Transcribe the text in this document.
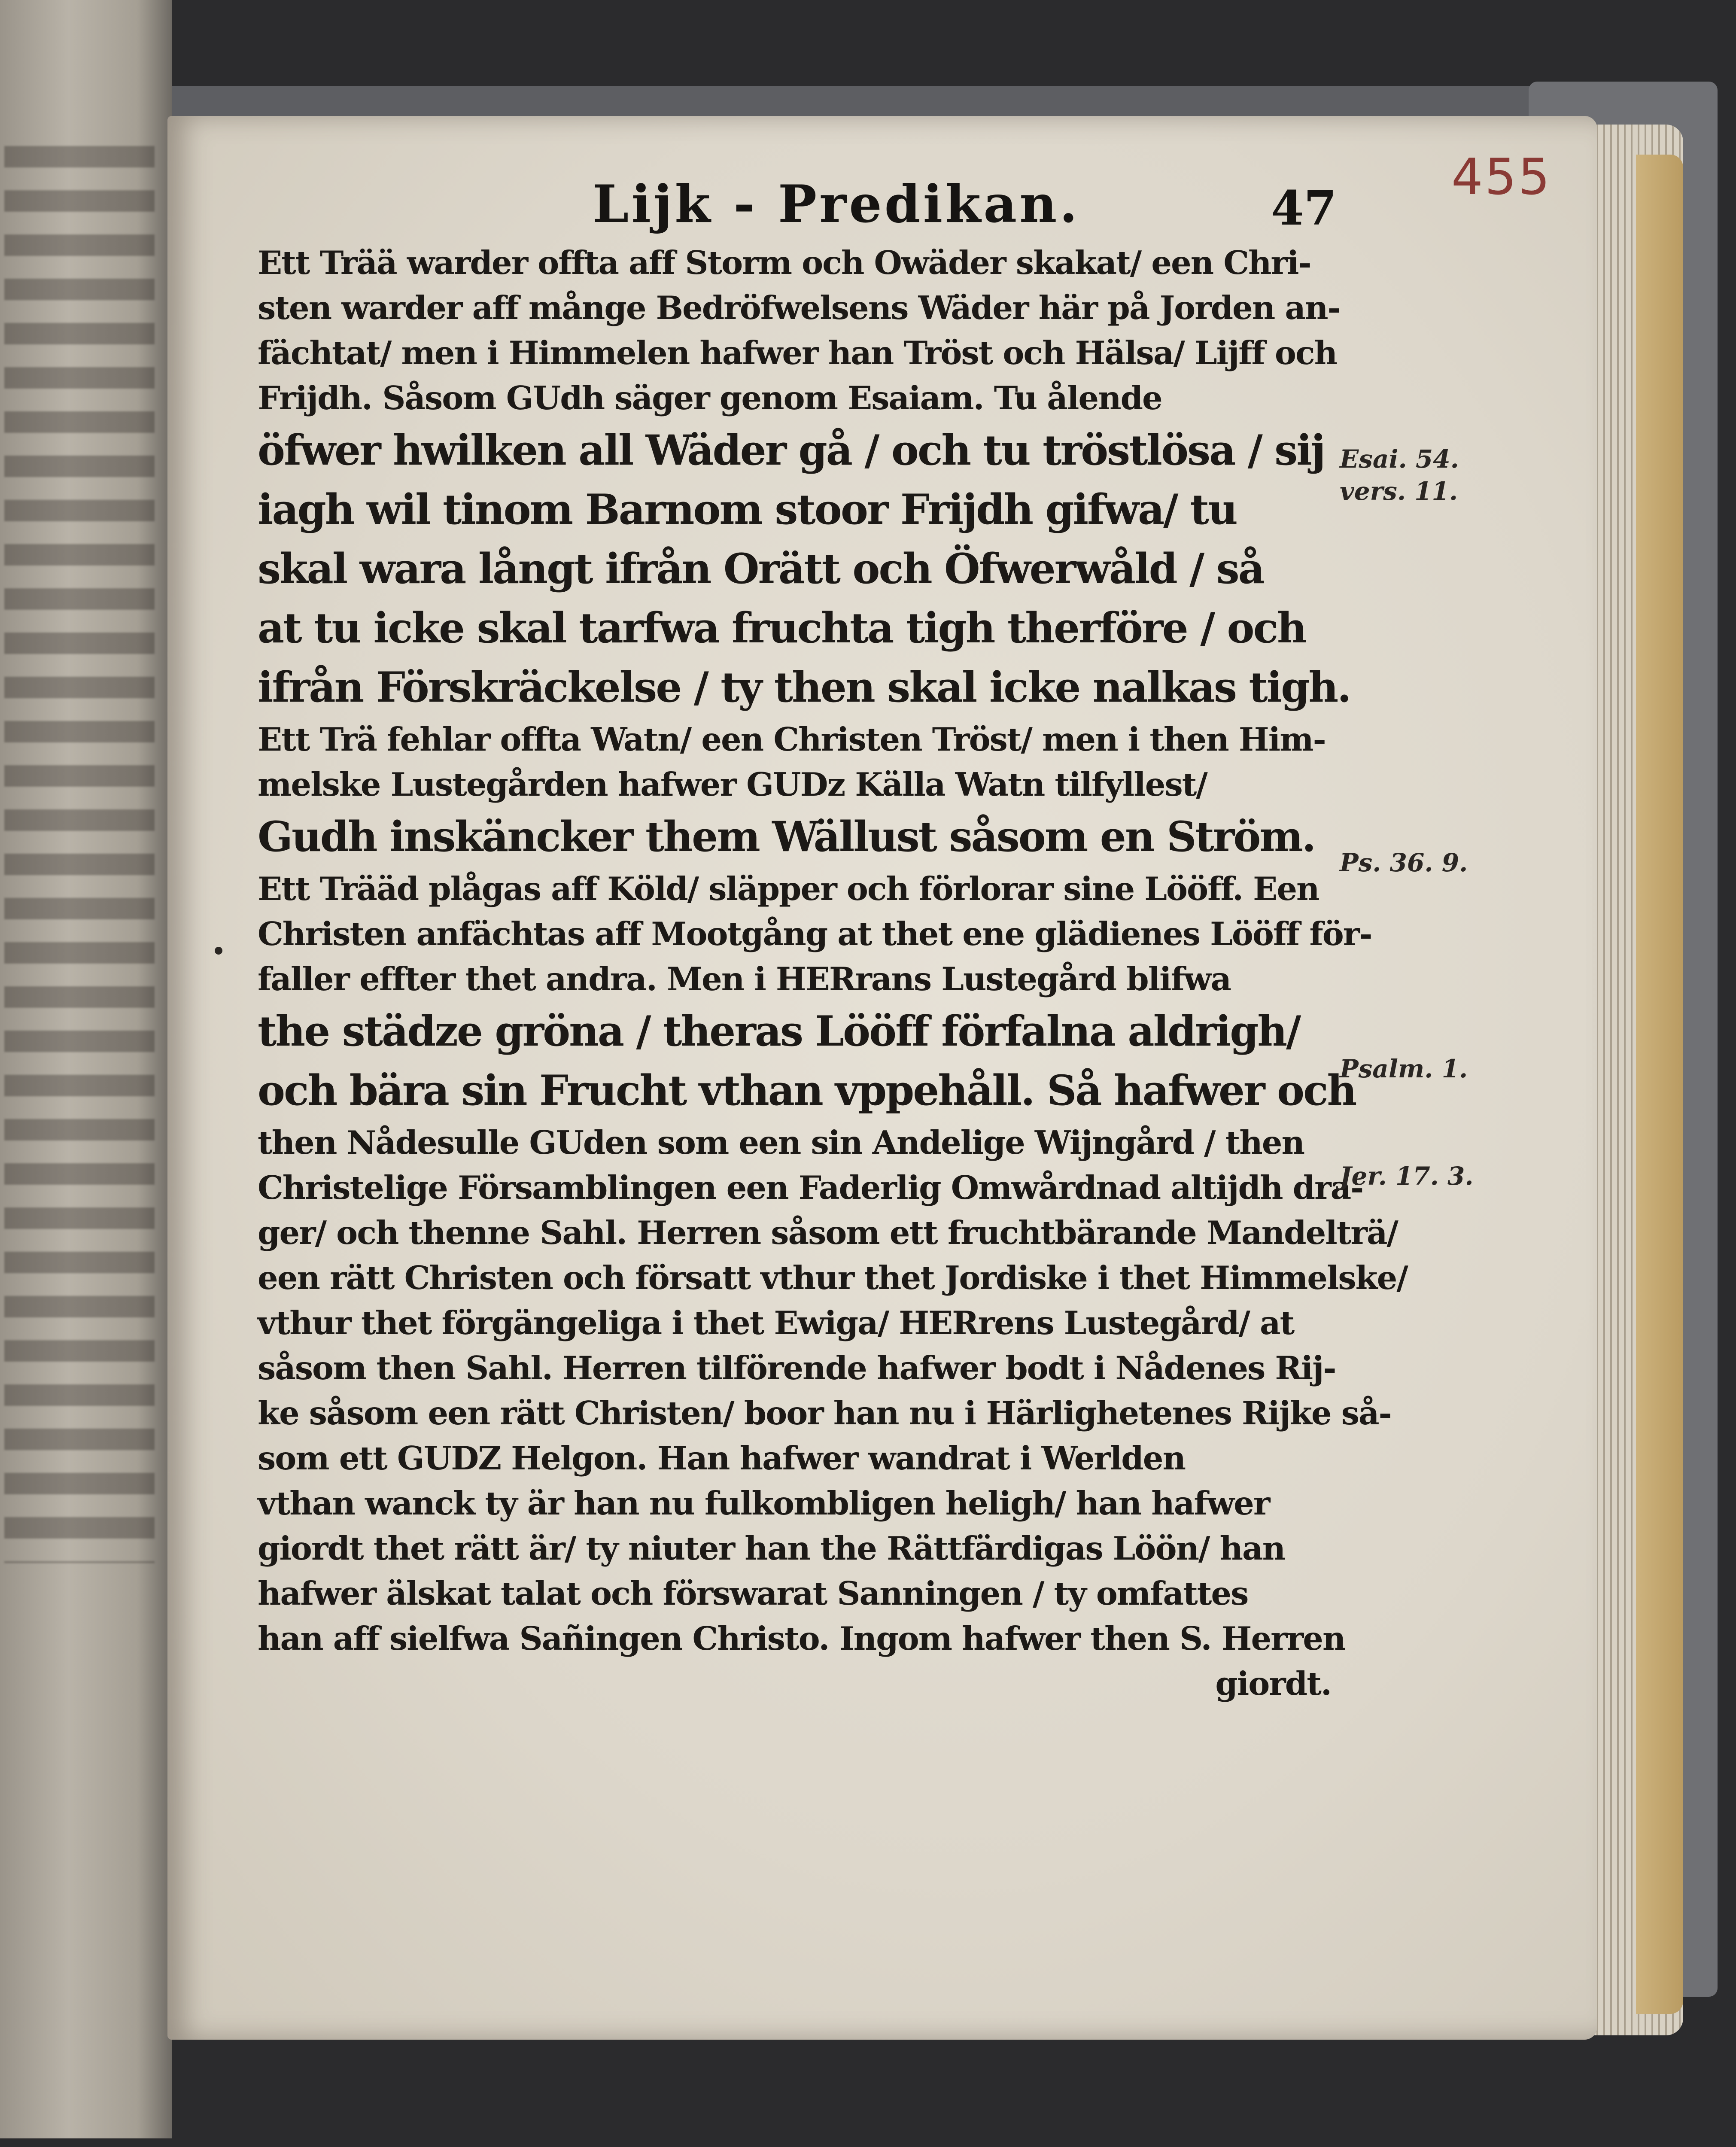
455
Lijk - Predikan.	47
Ett Trää warder offta aff Storm och Owäder skakat/ een Chri-
sten warder aff månge Bedröfwelsens Wäder här på Jorden an-
fächtat/ men i Himmelen hafwer han Tröst och Hälsa/ Lijff och
Frijdh. Såsom GUdh säger genom Esaiam. Tu ålende
öfwer hwilken all Wäder gå / och tu tröstlösa / sij
iagh wil tinom Barnom stoor Frijdh gifwa/ tu
skal wara långt ifrån Orätt och Öfwerwåld / så
at tu icke skal tarfwa fruchta tigh therföre / och
ifrån Förskräckelse / ty then skal icke nalkas tigh.
Ett Trä fehlar offta Watn/ een Christen Tröst/ men i then Him-
melske Lustegården hafwer GUDz Källa Watn tilfyllest/
Gudh inskäncker them Wällust såsom en Ström.
Ett Trääd plågas aff Köld/ släpper och förlorar sine Lööff. Een
Christen anfächtas aff Mootgång at thet ene glädienes Lööff för-
faller effter thet andra. Men i HERrans Lustegård blifwa
the städze gröna / theras Lööff förfalna aldrigh/
och bära sin Frucht vthan vppehåll. Så hafwer och
then Nådesulle GUden som een sin Andelige Wijngård / then
Christelige Församblingen een Faderlig Omwårdnad altijdh dra-
ger/ och thenne Sahl. Herren såsom ett fruchtbärande Mandelträ/
een rätt Christen och försatt vthur thet Jordiske i thet Himmelske/
vthur thet förgängeliga i thet Ewiga/ HERrens Lustegård/ at
såsom then Sahl. Herren tilförende hafwer bodt i Nådenes Rij-
ke såsom een rätt Christen/ boor han nu i Härlighetenes Rijke så-
som ett GUDZ Helgon. Han hafwer wandrat i Werlden
vthan wanck ty är han nu fulkombligen heligh/ han hafwer
giordt thet rätt är/ ty niuter han the Rättfärdigas Löön/ han
hafwer älskat talat och förswarat Sanningen / ty omfattes
han aff sielfwa Sañingen Christo. Ingom hafwer then S. Herren
giordt.
Esai. 54.
vers. 11.
Ps. 36. 9.
Psalm. 1.
Jer. 17. 3.
